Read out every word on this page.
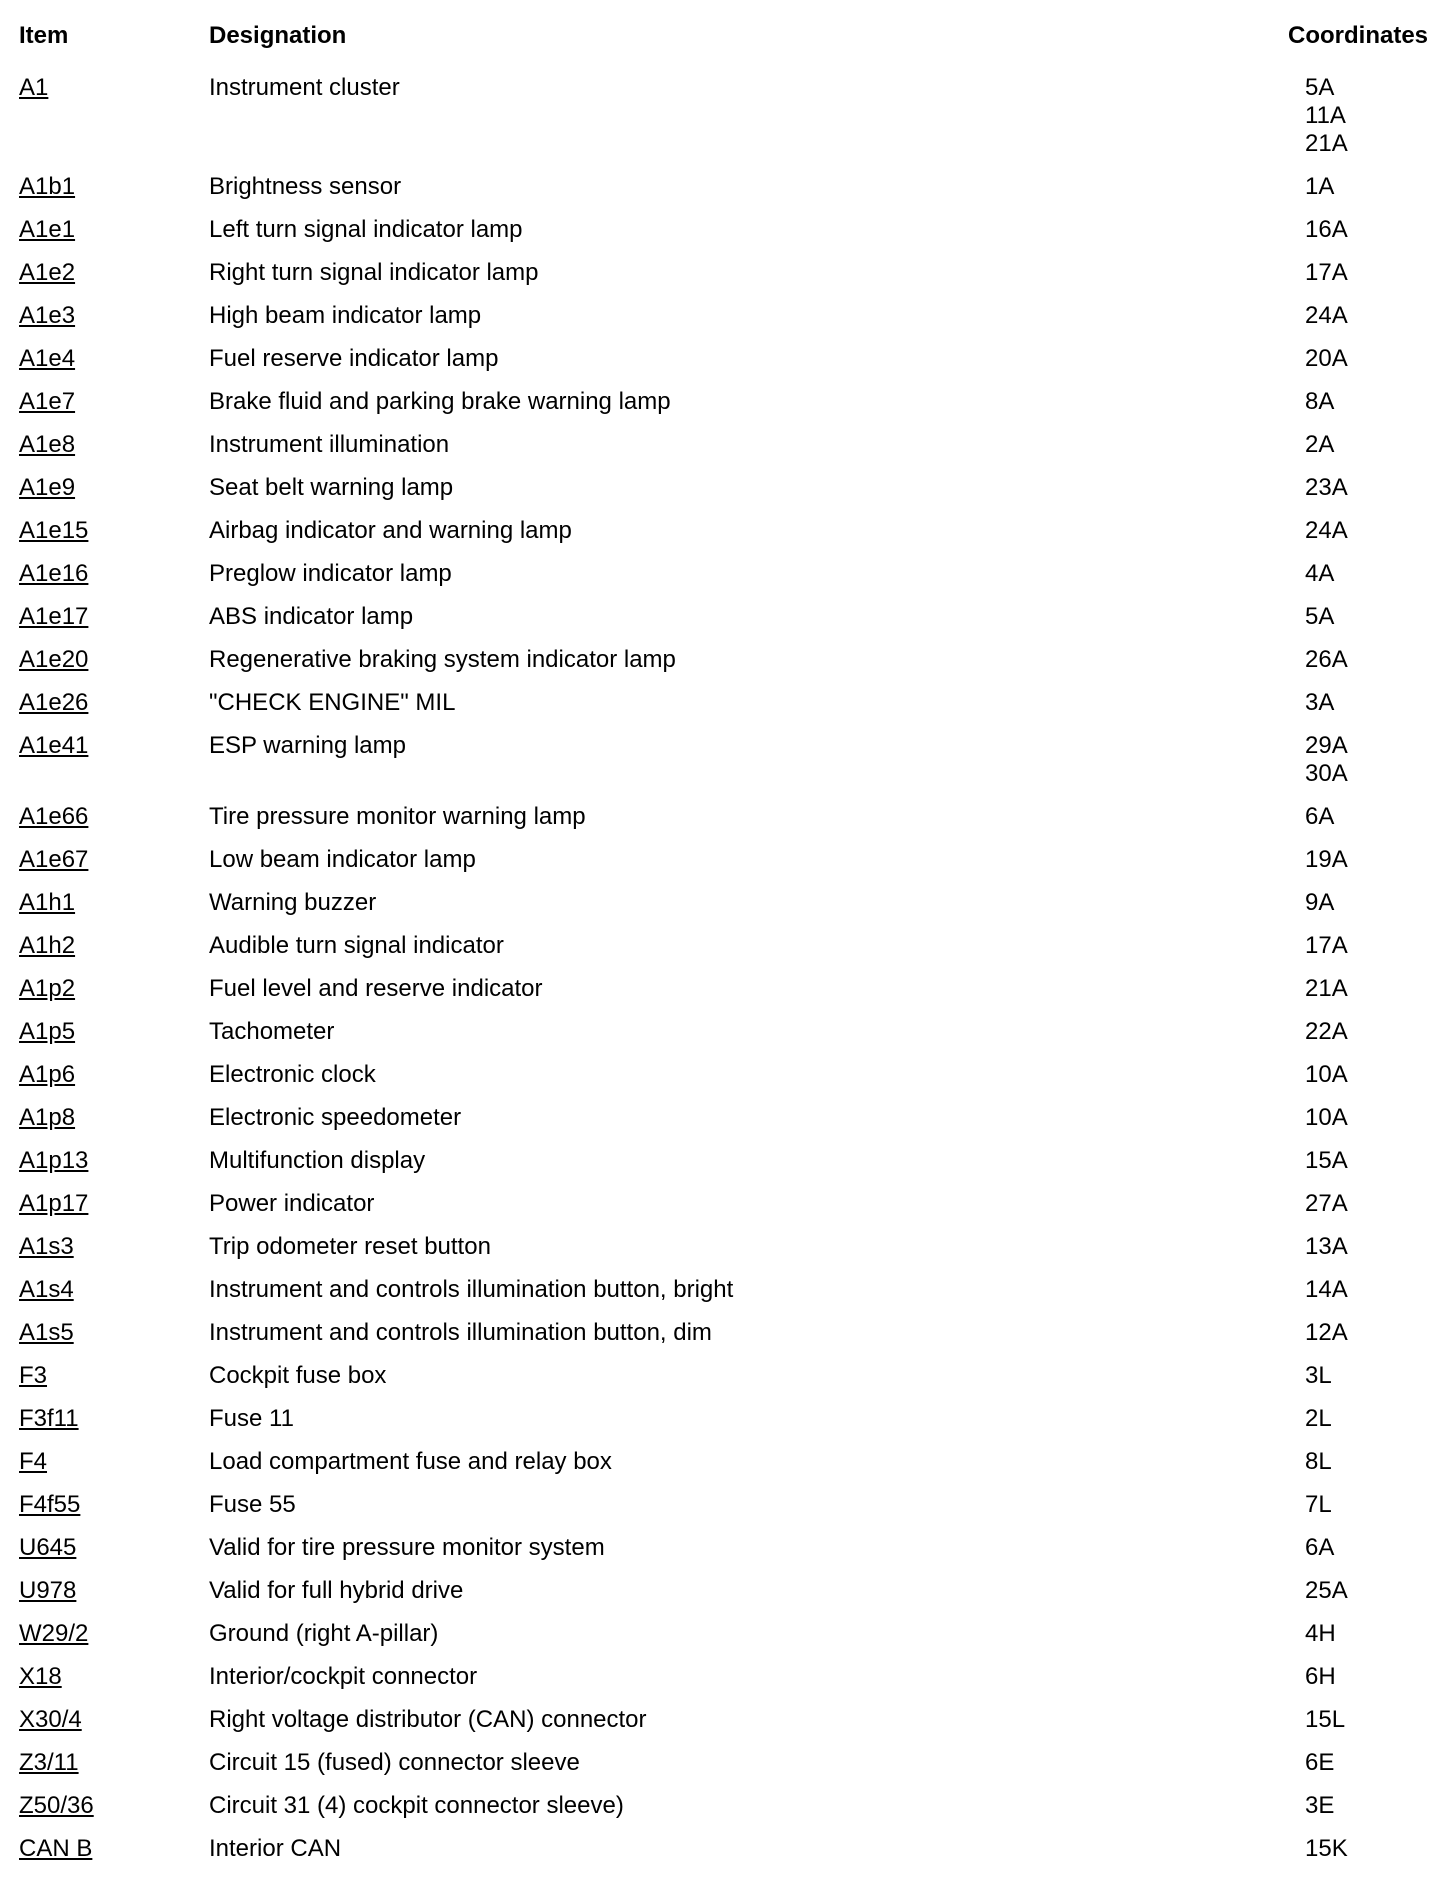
Item	Designation	Coordinates
A1	Instrument cluster	5A
11A
21A
A1b1	Brightness sensor	1A
A1e1	Left turn signal indicator lamp	16A
A1e2	Right turn signal indicator lamp	17A
A1e3	High beam indicator lamp	24A
A1e4	Fuel reserve indicator lamp	20A
A1e7	Brake fluid and parking brake warning lamp	8A
A1e8	Instrument illumination	2A
A1e9	Seat belt warning lamp	23A
A1e15	Airbag indicator and warning lamp	24A
A1e16	Preglow indicator lamp	4A
A1e17	ABS indicator lamp	5A
A1e20	Regenerative braking system indicator lamp	26A
A1e26	"CHECK ENGINE" MIL	3A
A1e41	ESP warning lamp	29A
30A
A1e66	Tire pressure monitor warning lamp	6A
A1e67	Low beam indicator lamp	19A
A1h1	Warning buzzer	9A
A1h2	Audible turn signal indicator	17A
A1p2	Fuel level and reserve indicator	21A
A1p5	Tachometer	22A
A1p6	Electronic clock	10A
A1p8	Electronic speedometer	10A
A1p13	Multifunction display	15A
A1p17	Power indicator	27A
A1s3	Trip odometer reset button	13A
A1s4	Instrument and controls illumination button, bright	14A
A1s5	Instrument and controls illumination button, dim	12A
F3	Cockpit fuse box	3L
F3f11	Fuse 11	2L
F4	Load compartment fuse and relay box	8L
F4f55	Fuse 55	7L
U645	Valid for tire pressure monitor system	6A
U978	Valid for full hybrid drive	25A
W29/2	Ground (right A-pillar)	4H
X18	Interior/cockpit connector	6H
X30/4	Right voltage distributor (CAN) connector	15L
Z3/11	Circuit 15 (fused) connector sleeve	6E
Z50/36	Circuit 31 (4) cockpit connector sleeve)	3E
CAN B	Interior CAN	15K
